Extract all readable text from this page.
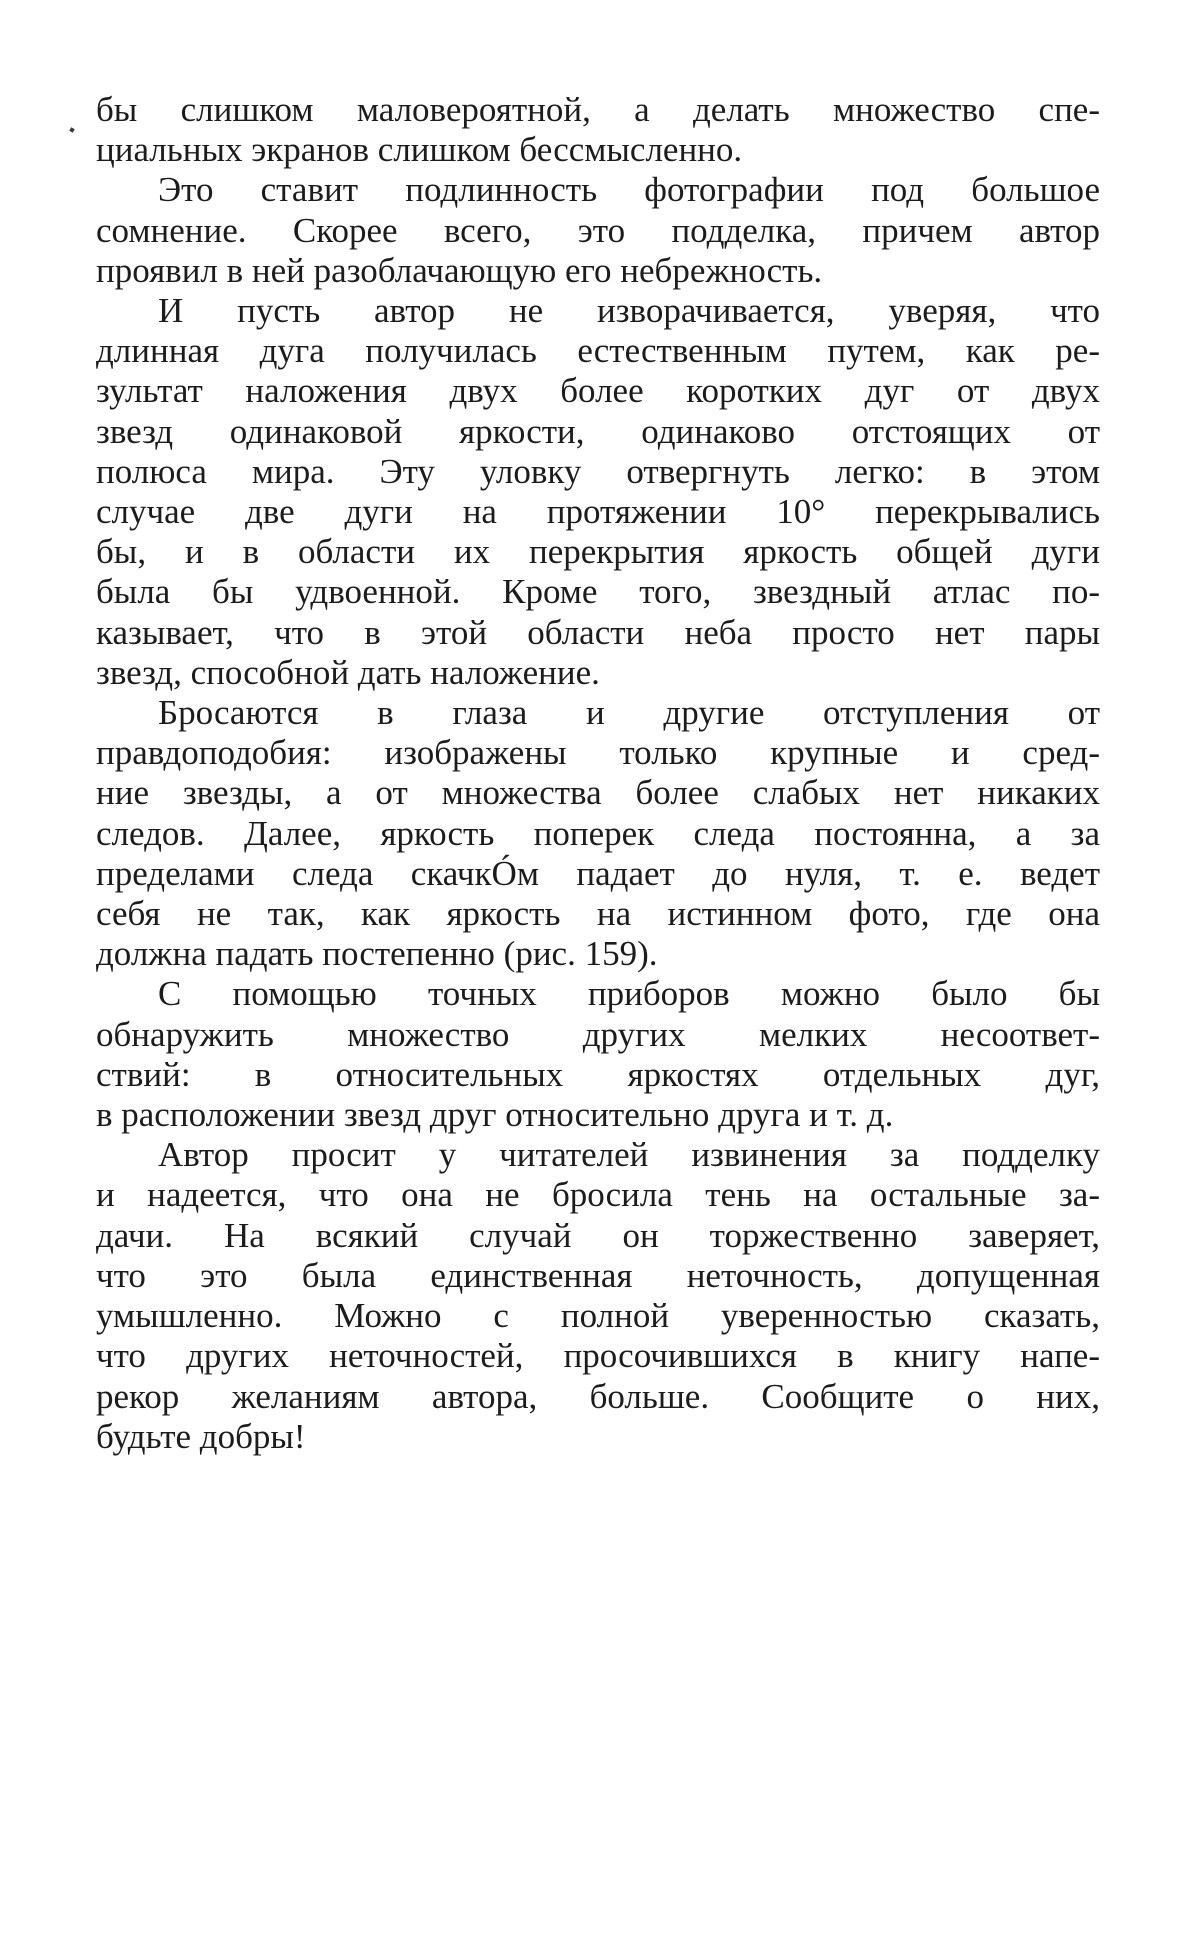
бы слишком маловероятной, а делать множество спе-
циальных экранов слишком бессмысленно.

Это ставит подлинность фотографии под большое
сомнение. Скорее всего, это подделка, причем автор
проявил в ней разоблачающую его небрежность.

И пусть автор не изворачивается, уверяя, что
длинная дуга получилась естественным путем, как ре-
зультат наложения двух более коротких дуг от двух
звезд одинаковой яркости, одинаково отстоящих от
полюса мира. Эту уловку отвергнуть легко: в этом
случае две дуги на протяжении 10° перекрывались
бы, и в области их перекрытия яркость общей дуги
была бы удвоенной. Кроме того, звездный атлас по-
казывает, что в этой области неба просто нет пары
звезд, способной дать наложение.

Бросаются в глаза и другие отступления от
правдоподобия: изображены только крупные и сред-
ние звезды, а от множества более слабых нет никаких
следов. Далее, яркость поперек следа постоянна, а за
пределами следа скачкÓм падает до нуля, т. е. ведет
себя не так, как яркость на истинном фото, где она
должна падать постепенно (рис. 159).

С помощью точных приборов можно было бы
обнаружить множество других мелких несоответ-
ствий: в относительных яркостях отдельных дуг,
в расположении звезд друг относительно друга и т. д.

Автор просит у читателей извинения за подделку
и надеется, что она не бросила тень на остальные за-
дачи. На всякий случай он торжественно заверяет,
что это была единственная неточность, допущенная
умышленно. Можно с полной уверенностью сказать,
что других неточностей, просочившихся в книгу напе-
рекор желаниям автора, больше. Сообщите о них,
будьте добры!
